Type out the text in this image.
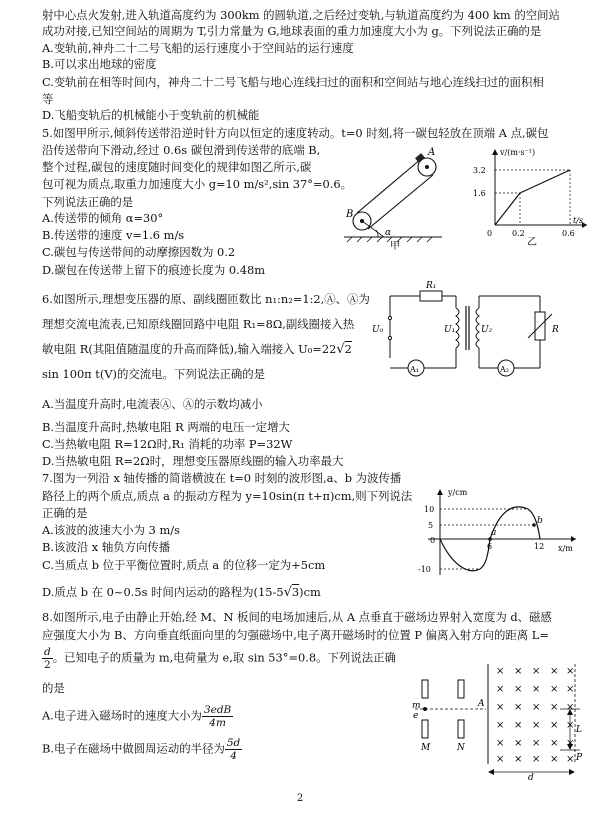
射中心点火发射,进入轨道高度约为 300km 的圆轨道,之后经过变轨,与轨道高度约为 400 km 的空间站
成功对接,已知空间站的周期为 T,引力常量为 G,地球表面的重力加速度大小为 g。下列说法正确的是
A.变轨前,神舟二十二号飞船的运行速度小于空间站的运行速度
B.可以求出地球的密度
C.变轨前在相等时间内，神舟二十二号飞船与地心连线扫过的面积和空间站与地心连线扫过的面积相
等
D.飞船变轨后的机械能小于变轨前的机械能
5.如图甲所示,倾斜传送带沿逆时针方向以恒定的速度转动。t=0 时刻,将一碳包轻放在顶端 A 点,碳包
沿传送带向下滑动,经过 0.6s 碳包滑到传送带的底端 B,
整个过程,碳包的速度随时间变化的规律如图乙所示,碳
包可视为质点,取重力加速度大小 g=10 m/s²,sin 37°=0.6。
下列说法正确的是
A.传送带的倾角 α=30°
B.传送带的速度 v=1.6 m/s
C.碳包与传送带间的动摩擦因数为 0.2
D.碳包在传送带上留下的痕迹长度为 0.48m
A
B
α
甲
v/(m·s⁻¹)
t/s
3.2
1.6
0 0.2	0.6
乙
6.如图所示,理想变压器的原、副线圈匝数比 n₁:n₂=1:2,Ⓐ、Ⓐ为
理想交流电流表,已知原线圈回路中电阻 R₁=8Ω,副线圈接入热
敏电阻 R(其阻值随温度的升高而降低),输入端接入 U₀=22√2
sin 100π t(V)的交流电。下列说法正确的是
A.当温度升高时,电流表Ⓐ、Ⓐ的示数均减小
B.当温度升高时,热敏电阻 R 两端的电压一定增大
C.当热敏电阻 R=12Ω时,R₁ 消耗的功率 P=32W
D.当热敏电阻 R=2Ω时，理想变压器原线圈的输入功率最大
R₁
U₀	U₁	U₂	R
A₁	A₂
7.图为一列沿 x 轴传播的简谐横波在 t=0 时刻的波形图,a、b 为波传播
路径上的两个质点,质点 a 的振动方程为 y=10sin(π t+π)cm,则下列说法
正确的是
A.该波的波速大小为 3 m/s
B.该波沿 x 轴负方向传播
C.当质点 b 位于平衡位置时,质点 a 的位移一定为+5cm
D.质点 b 在 0~0.5s 时间内运动的路程为(15-5√3)cm
y/cm
x/m
10
5
0
-10
6	12
a
b
8.如图所示,电子由静止开始,经 M、N 板间的电场加速后,从 A 点垂直于磁场边界射入宽度为 d、磁感
应强度大小为 B、方向垂直纸面向里的匀强磁场中,电子离开磁场时的位置 P 偏离入射方向的距离 L=
$\frac{d}{2}$ 。已知电子的质量为 m,电荷量为 e,取 sin 53°=0.8。下列说法正确
的是
A.电子进入磁场时的速度大小为 $\frac{\text{3edB}}{4m}$
B.电子在磁场中做圆周运动的半径为 $\frac{5d}{4}$
× × × × ×
× × × × ×
× × × × ×
× × × × ×
× × × × ×
× × × × ×
m
e
M	N
A
L
P
d
2
